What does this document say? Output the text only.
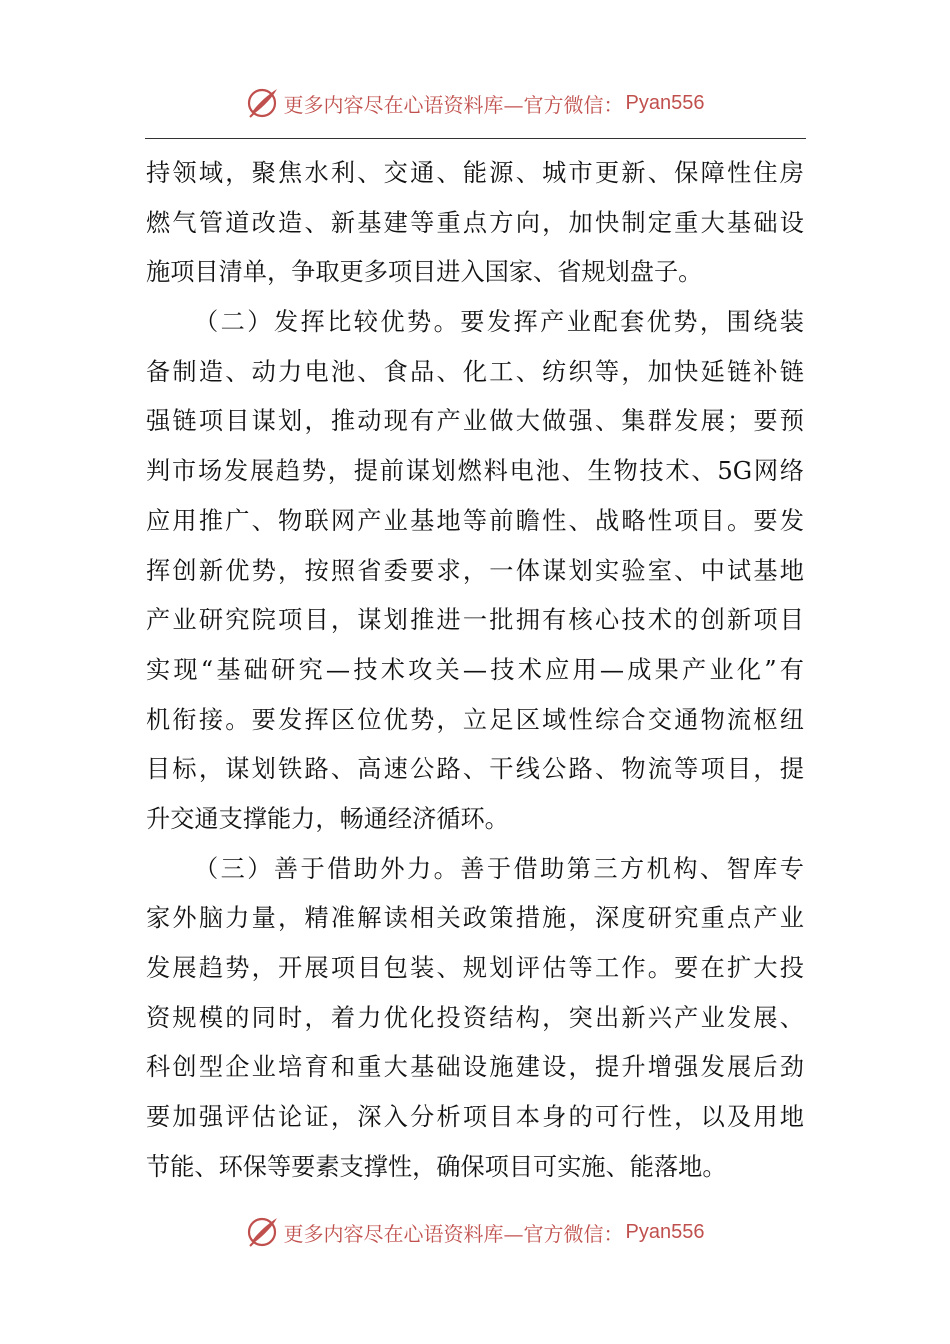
更多内容尽在心语资料库—官方微信： Pyan556
持领域，聚焦水利、交通、能源、城市更新、保障性住房
燃气管道改造、新基建等重点方向，加快制定重大基础设
施项目清单，争取更多项目进入国家、省规划盘子。
（二）发挥比较优势。要发挥产业配套优势，围绕装
备制造、动力电池、食品、化工、纺织等，加快延链补链
强链项目谋划，推动现有产业做大做强、集群发展；要预
判市场发展趋势，提前谋划燃料电池、生物技术、5G网络
应用推广、物联网产业基地等前瞻性、战略性项目。要发
挥创新优势，按照省委要求，一体谋划实验室、中试基地
产业研究院项目，谋划推进一批拥有核心技术的创新项目
实现“基础研究—技术攻关—技术应用—成果产业化”有
机衔接。要发挥区位优势，立足区域性综合交通物流枢纽
目标，谋划铁路、高速公路、干线公路、物流等项目，提
升交通支撑能力，畅通经济循环。
（三）善于借助外力。善于借助第三方机构、智库专
家外脑力量，精准解读相关政策措施，深度研究重点产业
发展趋势，开展项目包装、规划评估等工作。要在扩大投
资规模的同时，着力优化投资结构，突出新兴产业发展、
科创型企业培育和重大基础设施建设，提升增强发展后劲
要加强评估论证，深入分析项目本身的可行性，以及用地
节能、环保等要素支撑性，确保项目可实施、能落地。
更多内容尽在心语资料库—官方微信： Pyan556
